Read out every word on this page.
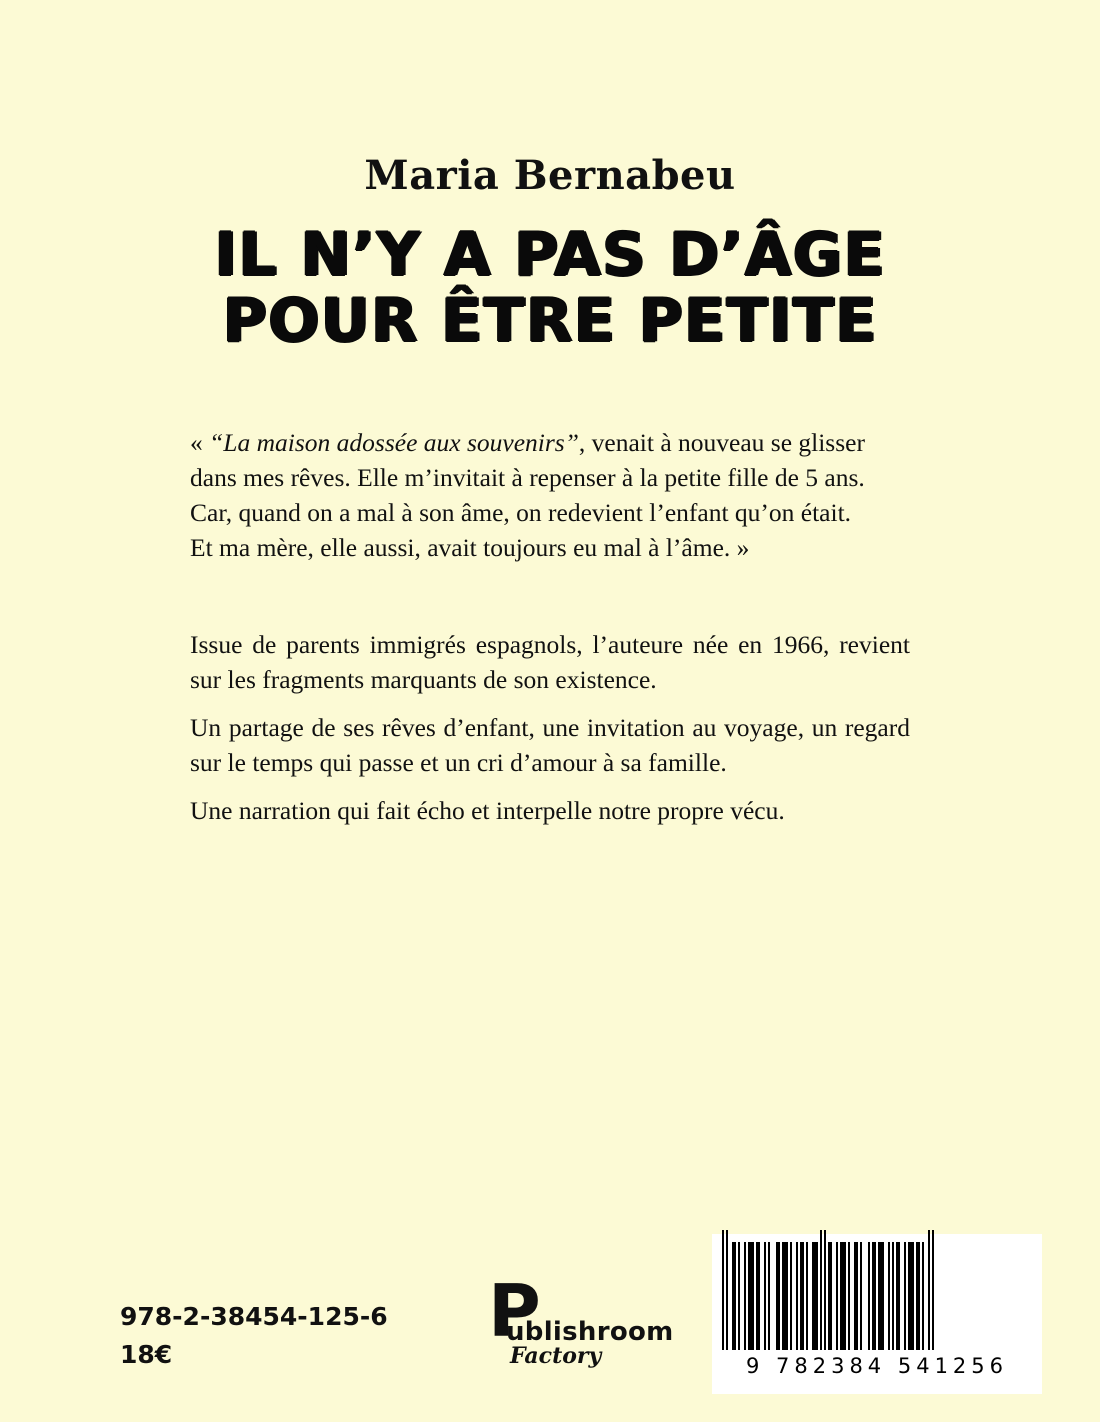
Maria Bernabeu
IL N’Y A PAS D’ÂGE
POUR ÊTRE PETITE

« “La maison adossée aux souvenirs”, venait à nouveau se glisser

dans mes rêves. Elle m’invitait à repenser à la petite fille de 5 ans.

Car, quand on a mal à son âme, on redevient l’enfant qu’on était.

Et ma mère, elle aussi, avait toujours eu mal à l’âme. »

Issue de parents immigrés espagnols, l’auteure née en 1966, revient sur les fragments marquants de son existence.

Un partage de ses rêves d’enfant, une invitation au voyage, un regard sur le temps qui passe et un cri d’amour à sa famille.

Une narration qui fait écho et interpelle notre propre vécu.

978-2-38454-125-6
18€
P
ublishroom
Factory	9 782384 541256
